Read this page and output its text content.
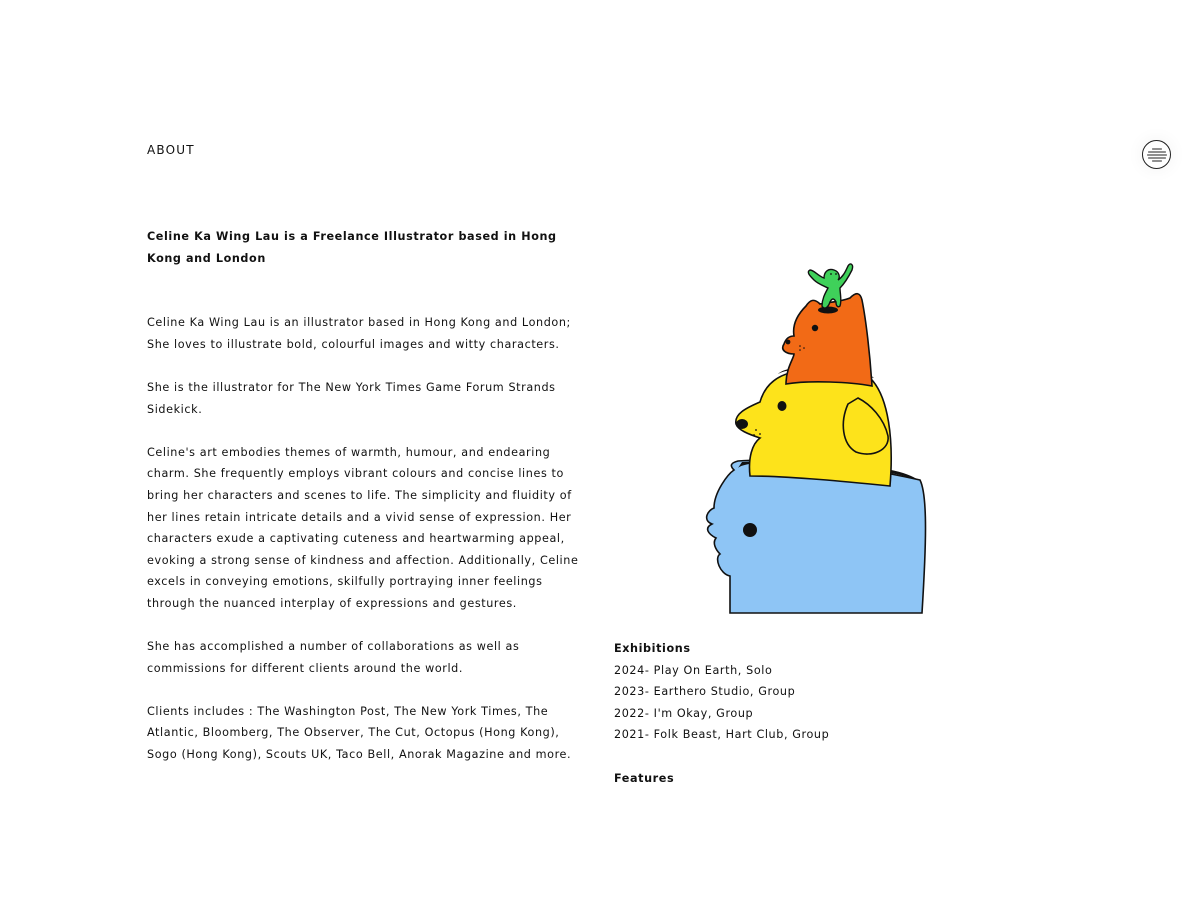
ABOUT

Celine Ka Wing Lau is a Freelance Illustrator based in Hong Kong and London

Celine Ka Wing Lau is an illustrator based in Hong Kong and London; She loves to illustrate bold, colourful images and witty characters.

She is the illustrator for The New York Times Game Forum Strands Sidekick.

Celine's art embodies themes of warmth, humour, and endearing charm. She frequently employs vibrant colours and concise lines to bring her characters and scenes to life. The simplicity and fluidity of her lines retain intricate details and a vivid sense of expression. Her characters exude a captivating cuteness and heartwarming appeal, evoking a strong sense of kindness and affection. Additionally, Celine excels in conveying emotions, skilfully portraying inner feelings through the nuanced interplay of expressions and gestures.

She has accomplished a number of collaborations as well as commissions for different clients around the world.

Clients includes : The Washington Post, The New York Times, The Atlantic, Bloomberg, The Observer, The Cut, Octopus (Hong Kong), Sogo (Hong Kong), Scouts UK, Taco Bell, Anorak Magazine and more.

Exhibitions

2024- Play On Earth, Solo

2023- Earthero Studio, Group

2022- I'm Okay, Group

2021- Folk Beast, Hart Club, Group

Features
